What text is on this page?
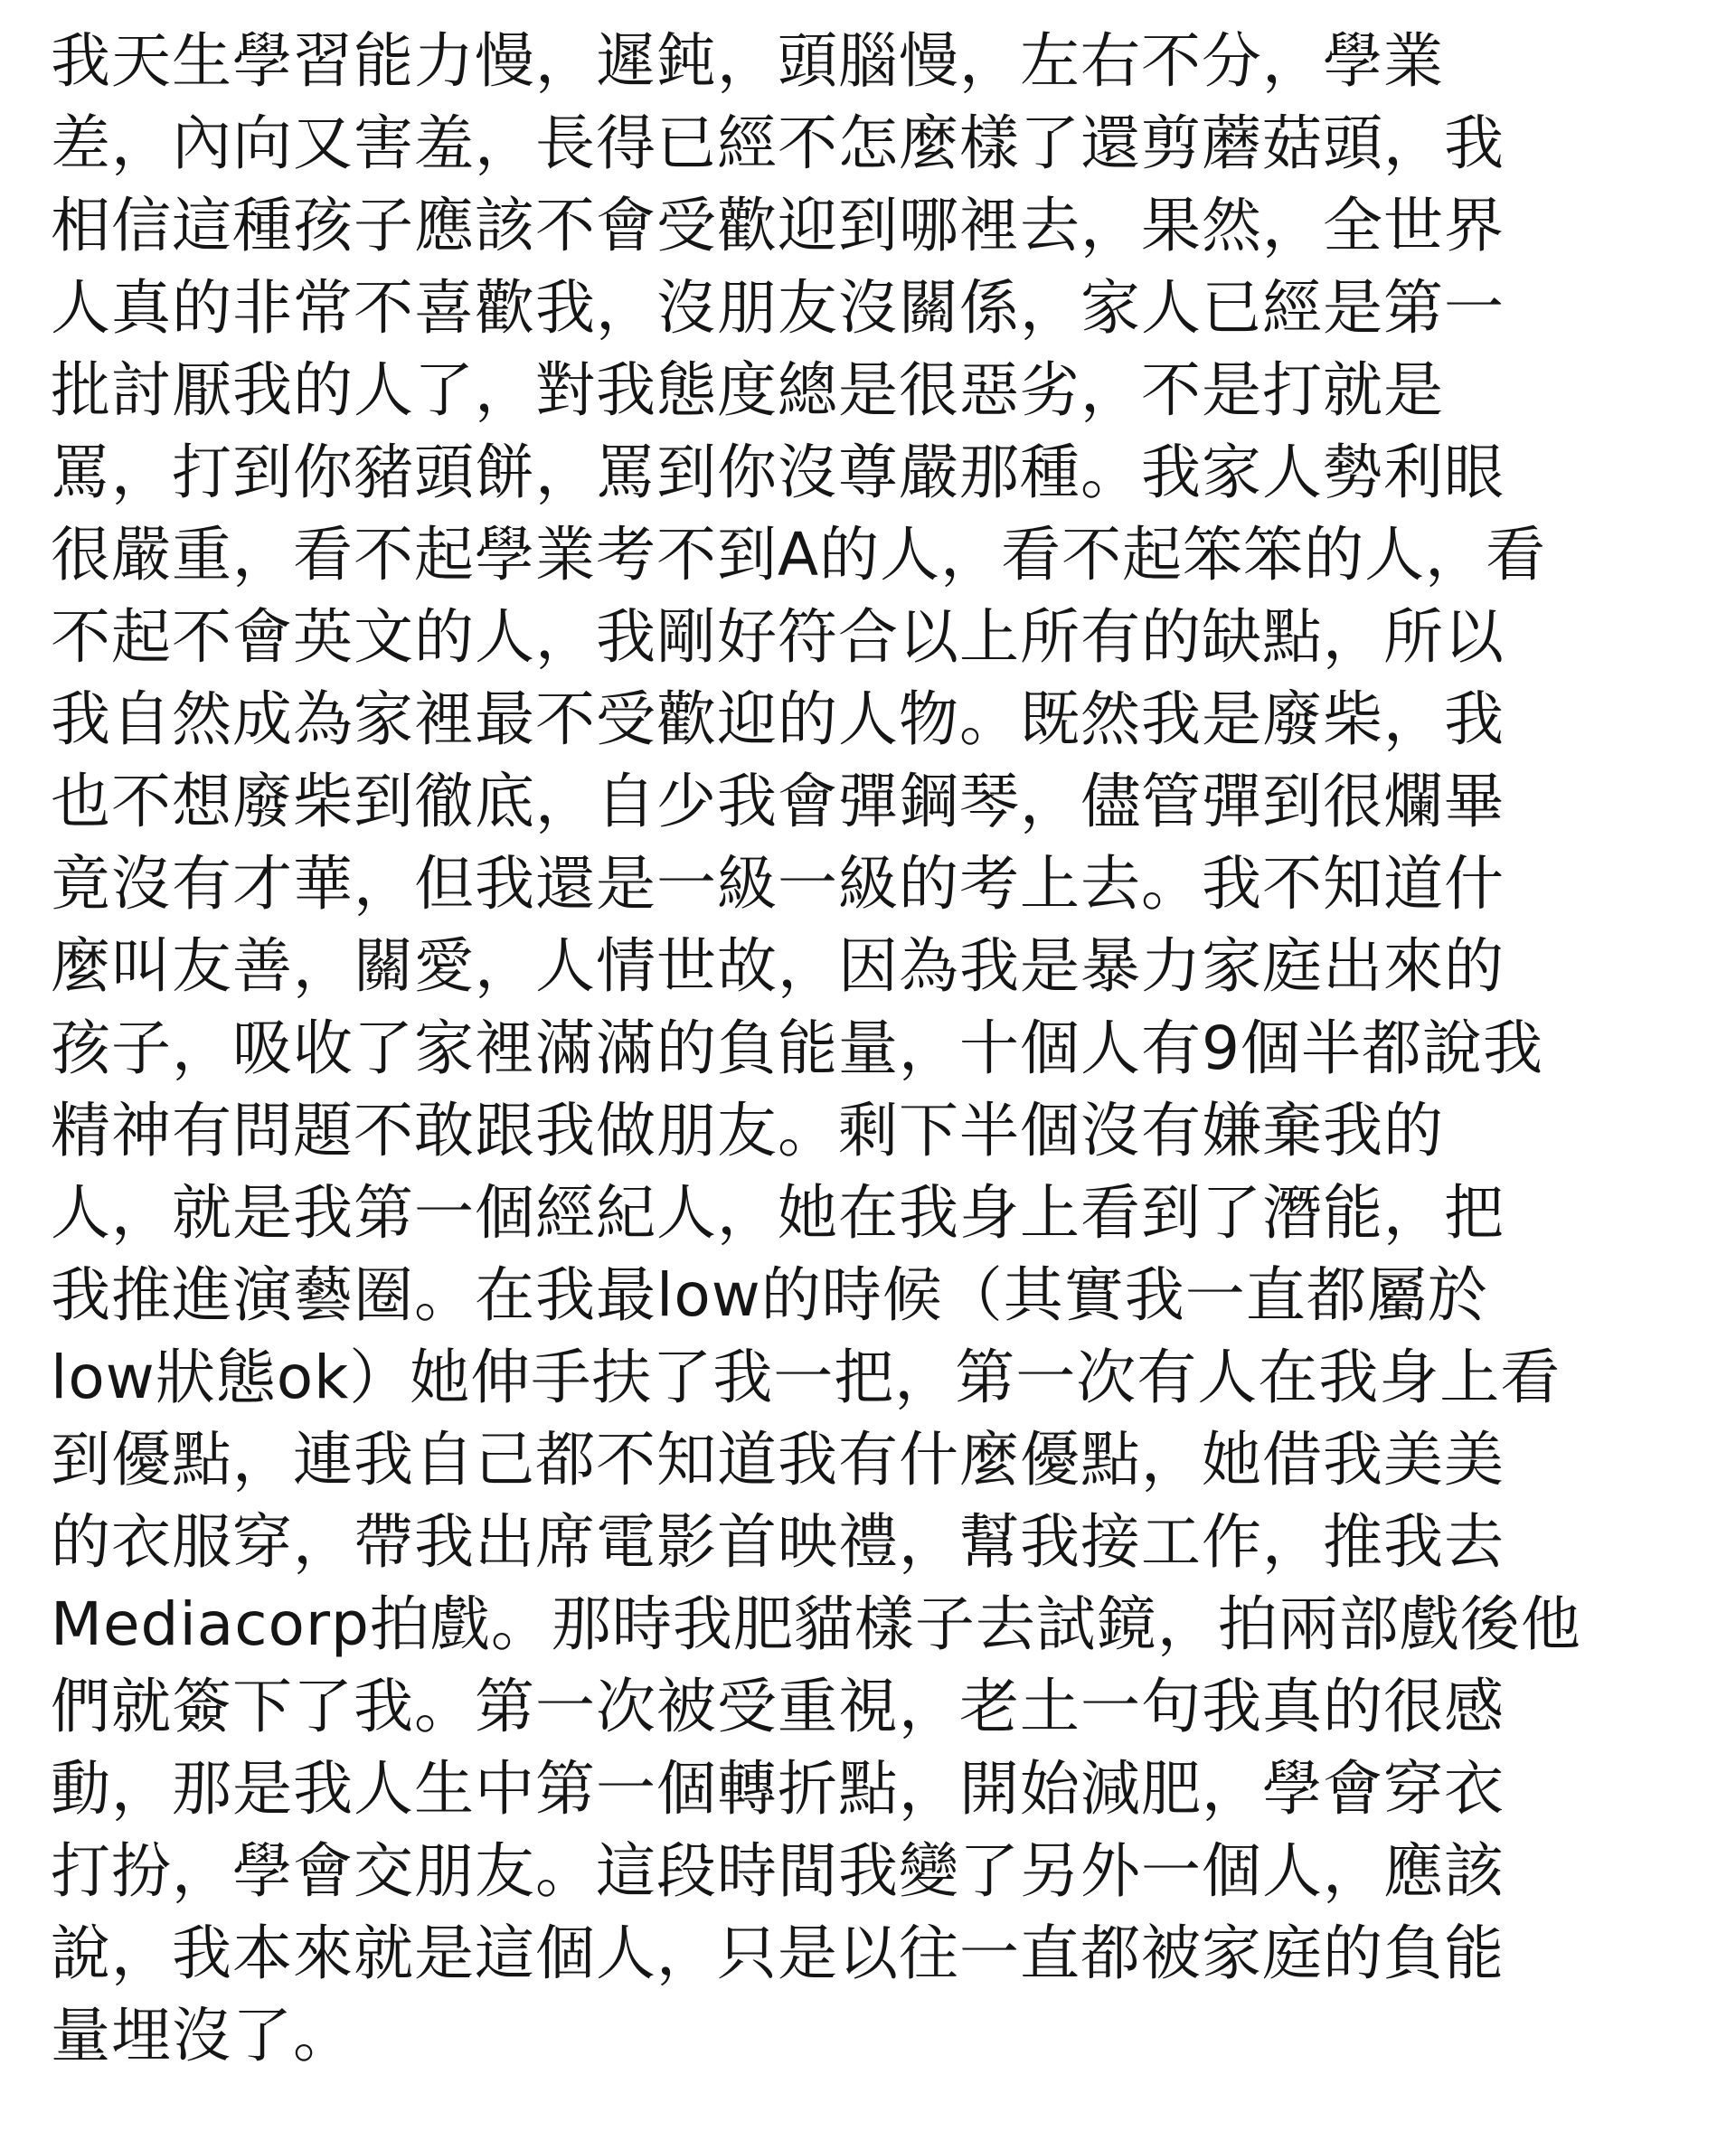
我天生學習能力慢，遲鈍，頭腦慢，左右不分，學業
差，內向又害羞，長得已經不怎麼樣了還剪蘑菇頭，我
相信這種孩子應該不會受歡迎到哪裡去，果然，全世界
人真的非常不喜歡我，沒朋友沒關係，家人已經是第一
批討厭我的人了，對我態度總是很惡劣，不是打就是
罵，打到你豬頭餅，罵到你沒尊嚴那種。我家人勢利眼
很嚴重，看不起學業考不到A的人，看不起笨笨的人，看
不起不會英文的人，我剛好符合以上所有的缺點，所以
我自然成為家裡最不受歡迎的人物。既然我是廢柴，我
也不想廢柴到徹底，自少我會彈鋼琴，儘管彈到很爛畢
竟沒有才華，但我還是一級一級的考上去。我不知道什
麼叫友善，關愛，人情世故，因為我是暴力家庭出來的
孩子，吸收了家裡滿滿的負能量，十個人有9個半都說我
精神有問題不敢跟我做朋友。剩下半個沒有嫌棄我的
人，就是我第一個經紀人，她在我身上看到了潛能，把
我推進演藝圈。在我最low的時候（其實我一直都屬於
low狀態ok）她伸手扶了我一把，第一次有人在我身上看
到優點，連我自己都不知道我有什麼優點，她借我美美
的衣服穿，帶我出席電影首映禮，幫我接工作，推我去
Mediacorp拍戲。那時我肥貓樣子去試鏡，拍兩部戲後他
們就簽下了我。第一次被受重視，老土一句我真的很感
動，那是我人生中第一個轉折點，開始減肥，學會穿衣
打扮，學會交朋友。這段時間我變了另外一個人，應該
說，我本來就是這個人，只是以往一直都被家庭的負能
量埋沒了。
